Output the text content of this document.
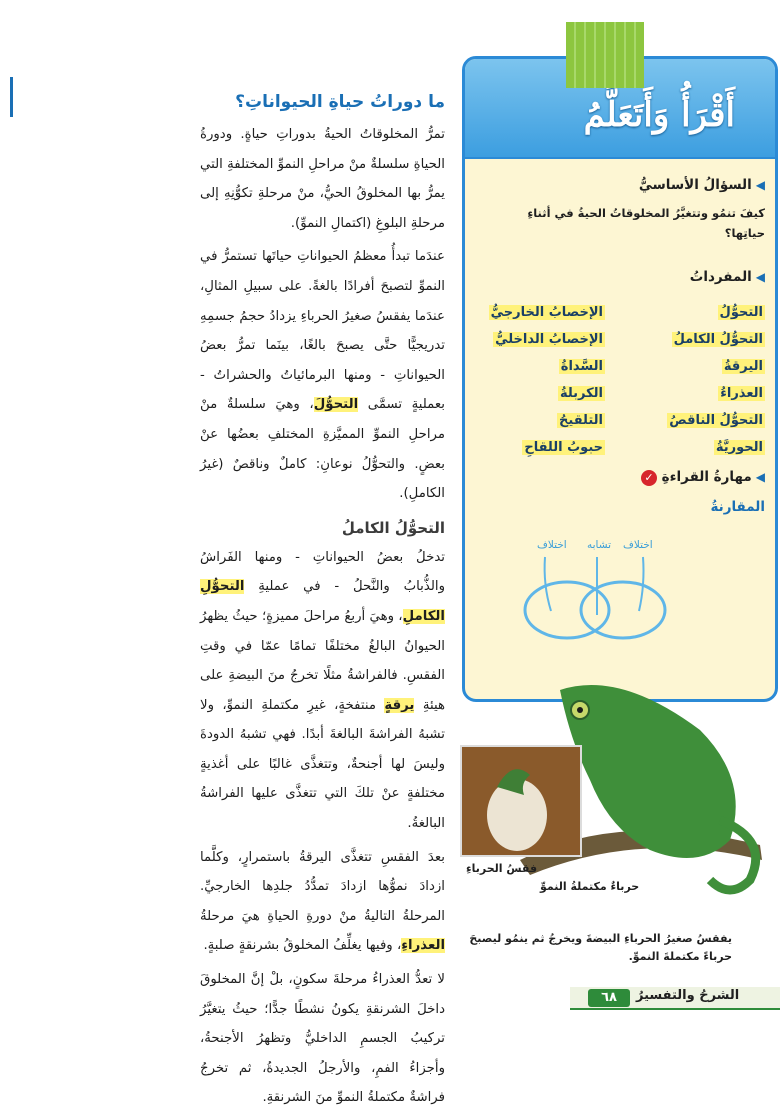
ما دوراتُ حياةِ الحيواناتِ؟

تمرُّ المخلوقاتُ الحيةُ بدوراتِ حياةٍ. ودورةُ الحياةِ سلسلةٌ منْ مراحلِ النموِّ المختلفةِ التي يمرُّ بها المخلوقُ الحيُّ، منْ مرحلةِ تكوُّنِهِ إلى مرحلةِ البلوغِ (اكتمالِ النموِّ).

عندَما تبدأُ معظمُ الحيواناتِ حياتَها تستمرُّ في النموِّ لتصبحَ أفرادًا بالغةً. على سبيلِ المثالِ، عندَما يفقسُ صغيرُ الحرباءِ يزدادُ حجمُ جسمِهِ تدريجيًّا حتَّى يصبحَ بالغًا، بينَما تمرُّ بعضُ الحيواناتِ - ومنها البرمائياتُ والحشراتُ - بعمليةٍ تسمَّى التحوُّلَ، وهيَ سلسلةٌ منْ مراحلِ النموِّ المميَّزةِ المختلفِ بعضُها عنْ بعضٍ. والتحوُّلُ نوعانِ: كاملٌ وناقصٌ (غيرُ الكاملِ).

التحوُّلُ الكاملُ

تدخلُ بعضُ الحيواناتِ - ومنها الفَراشُ والذُّبابُ والنَّحلُ - في عمليةِ التحوُّلِ الكاملِ، وهيَ أربعُ مراحلَ مميزةٍ؛ حيثُ يظهرُ الحيوانُ البالغُ مختلفًا تمامًا عمّا في وقتِ الفقسِ. فالفراشةُ مثلًا تخرجُ منَ البيضةِ على هيئةِ يرقةٍ منتفخةٍ، غيرِ مكتملةِ النموِّ، ولا تشبهُ الفراشةَ البالغةَ أبدًا. فهي تشبهُ الدودةَ وليسَ لها أجنحةٌ، وتتغذَّى غالبًا على أغذيةٍ مختلفةٍ عنْ تلكَ التي تتغذَّى عليها الفراشةُ البالغةُ.

بعدَ الفقسِ تتغذَّى اليرقةُ باستمرارٍ، وكلَّما ازدادَ نموُّها ازدادَ تمدُّدُ جلدِها الخارجيِّ. المرحلةُ التاليةُ منْ دورةِ الحياةِ هيَ مرحلةُ العذراءِ، وفيها يغلِّفُ المخلوقُ بشرنقةٍ صلبةٍ.

لا تعدُّ العذراءُ مرحلةَ سكونٍ، بلْ إنَّ المخلوقَ داخلَ الشرنقةِ يكونُ نشطًا جدًّا؛ حيثُ يتغيَّرُ تركيبُ الجسمِ الداخليُّ وتظهرُ الأجنحةُ، وأجزاءُ الفمِ، والأرجلُ الجديدةُ، ثم تخرجُ فراشةٌ مكتملةُ النموِّ منَ الشرنقةِ.

أَقْرَأُ وَأَتَعَلَّمُ
◀السؤالُ الأساسيُّ
كيفَ تنمُو وتتغيَّرُ المخلوقاتُ الحيةُ في أثناءِ حياتِها؟
◀المفرداتُ
التحوُّلُ
التحوُّلُ الكاملُ
اليرقةُ
العذراءُ
التحوُّلُ الناقصُ
الحوريَّةُ
الإخصابُ الخارجيُّ
الإخصابُ الداخليُّ
السَّداةُ
الكربلةُ
التلقيحُ
حبوبُ اللقاحِ
◀مهارةُ القراءةِ ✓
المقارنةُ
اختلاف
تشابه
اختلاف
فقسُ الحرباءِ
حرباءٌ مكتملةُ النموِّ
يفقسُ صغيرُ الحرباءِ البيضةَ ويخرجُ ثم ينمُو ليصبحَ حرباءً مكتملةَ النموِّ.
٦٨	الشرحُ والتفسيرُ
